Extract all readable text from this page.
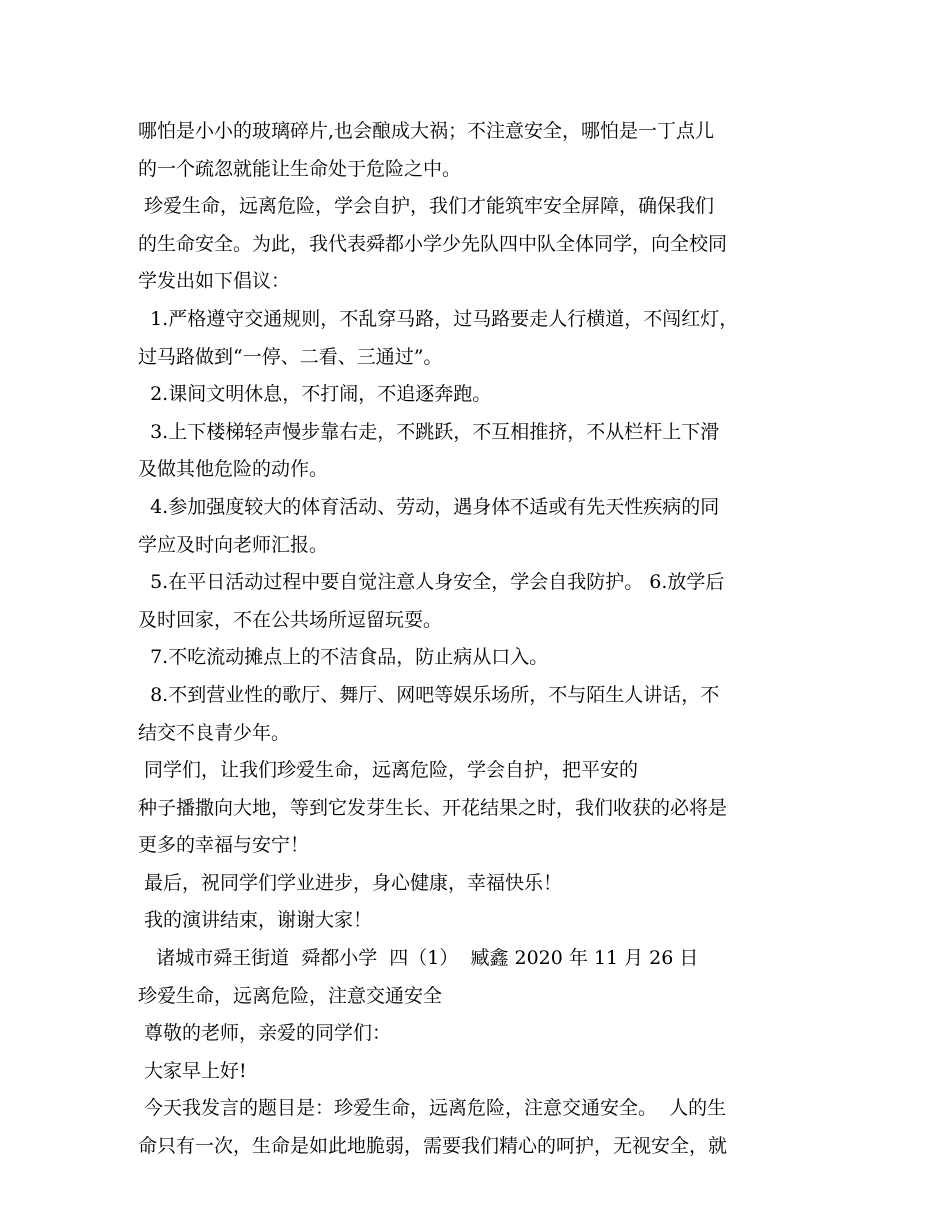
哪怕是小小的玻璃碎片,也会酿成大祸；不注意安全，哪怕是一丁点儿
的一个疏忽就能让生命处于危险之中。
珍爱生命，远离危险，学会自护，我们才能筑牢安全屏障，确保我们
的生命安全。为此，我代表舜都小学少先队四中队全体同学，向全校同
学发出如下倡议：
1.严格遵守交通规则，不乱穿马路，过马路要走人行横道，不闯红灯，
过马路做到“一停、二看、三通过”。
2.课间文明休息，不打闹，不追逐奔跑。
3.上下楼梯轻声慢步靠右走，不跳跃，不互相推挤，不从栏杆上下滑
及做其他危险的动作。
4.参加强度较大的体育活动、劳动，遇身体不适或有先天性疾病的同
学应及时向老师汇报。
5.在平日活动过程中要自觉注意人身安全，学会自我防护。 6.放学后
及时回家，不在公共场所逗留玩耍。
7.不吃流动摊点上的不洁食品，防止病从口入。
8.不到营业性的歌厅、舞厅、网吧等娱乐场所，不与陌生人讲话，不
结交不良青少年。
同学们，让我们珍爱生命，远离危险，学会自护，把平安的
种子播撒向大地，等到它发芽生长、开花结果之时，我们收获的必将是
更多的幸福与安宁！
最后，祝同学们学业进步，身心健康，幸福快乐！
我的演讲结束，谢谢大家！
诸城市舜王街道  舜都小学  四（1）  臧鑫 2020 年 11 月 26 日
珍爱生命，远离危险，注意交通安全
尊敬的老师，亲爱的同学们：
大家早上好!
今天我发言的题目是：珍爱生命，远离危险，注意交通安全。  人的生
命只有一次，生命是如此地脆弱，需要我们精心的呵护，无视安全，就
